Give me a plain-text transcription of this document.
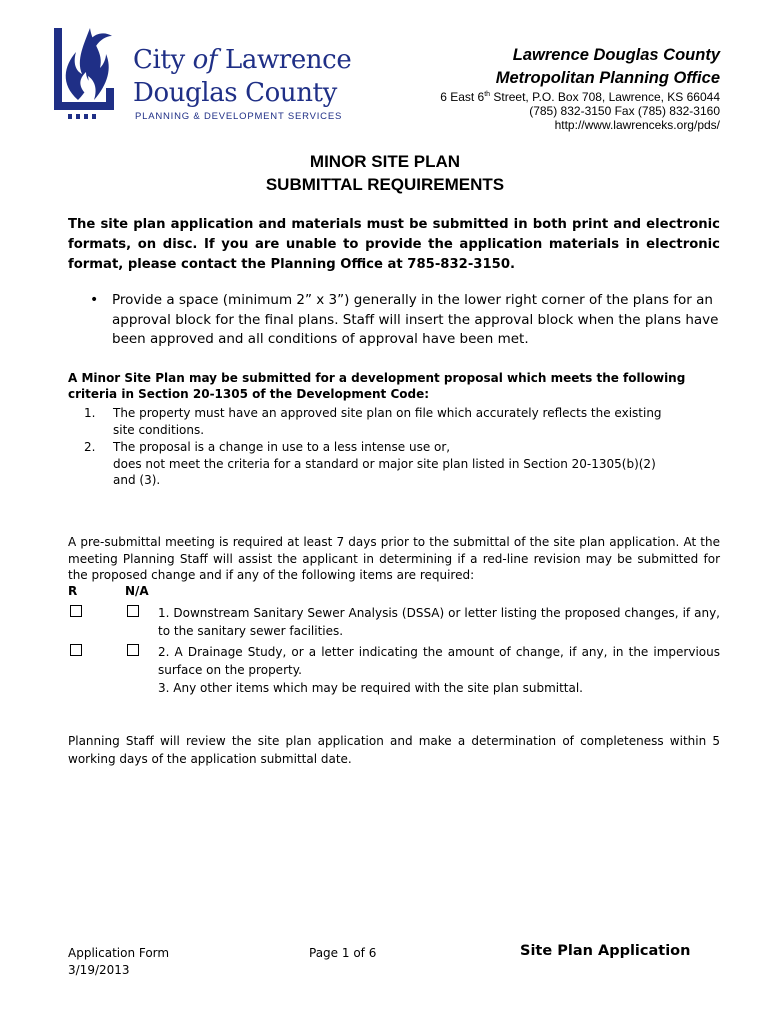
City of Lawrence
Douglas County
PLANNING & DEVELOPMENT SERVICES
Lawrence Douglas County
Metropolitan Planning Office
6 East 6th Street, P.O. Box 708, Lawrence, KS 66044
(785) 832-3150 Fax (785) 832-3160
http://www.lawrenceks.org/pds/
MINOR SITE PLAN
SUBMITTAL REQUIREMENTS
The site plan application and materials must be submitted in both print and electronic formats, on disc. If you are unable to provide the application materials in electronic format, please contact the Planning Office at 785-832-3150.
• Provide a space (minimum 2” x 3”) generally in the lower right corner of the plans for an approval block for the final plans. Staff will insert the approval block when the plans have been approved and all conditions of approval have been met.
A Minor Site Plan may be submitted for a development proposal which meets the following criteria in Section 20-1305 of the Development Code:
1. The property must have an approved site plan on file which accurately reflects the existing
site conditions.
2. The proposal is a change in use to a less intense use or,
does not meet the criteria for a standard or major site plan listed in Section 20-1305(b)(2)
and (3).
A pre-submittal meeting is required at least 7 days prior to the submittal of the site plan application. At the meeting Planning Staff will assist the applicant in determining if a red-line revision may be submitted for the proposed change and if any of the following items are required:
R	N/A
1. Downstream Sanitary Sewer Analysis (DSSA) or letter listing the proposed changes, if any, to the sanitary sewer facilities.
2. A Drainage Study, or a letter indicating the amount of change, if any, in the impervious surface on the property.
3. Any other items which may be required with the site plan submittal.
Planning Staff will review the site plan application and make a determination of completeness within 5 working days of the application submittal date.
Application Form
3/19/2013
Page 1 of 6	Site Plan Application
